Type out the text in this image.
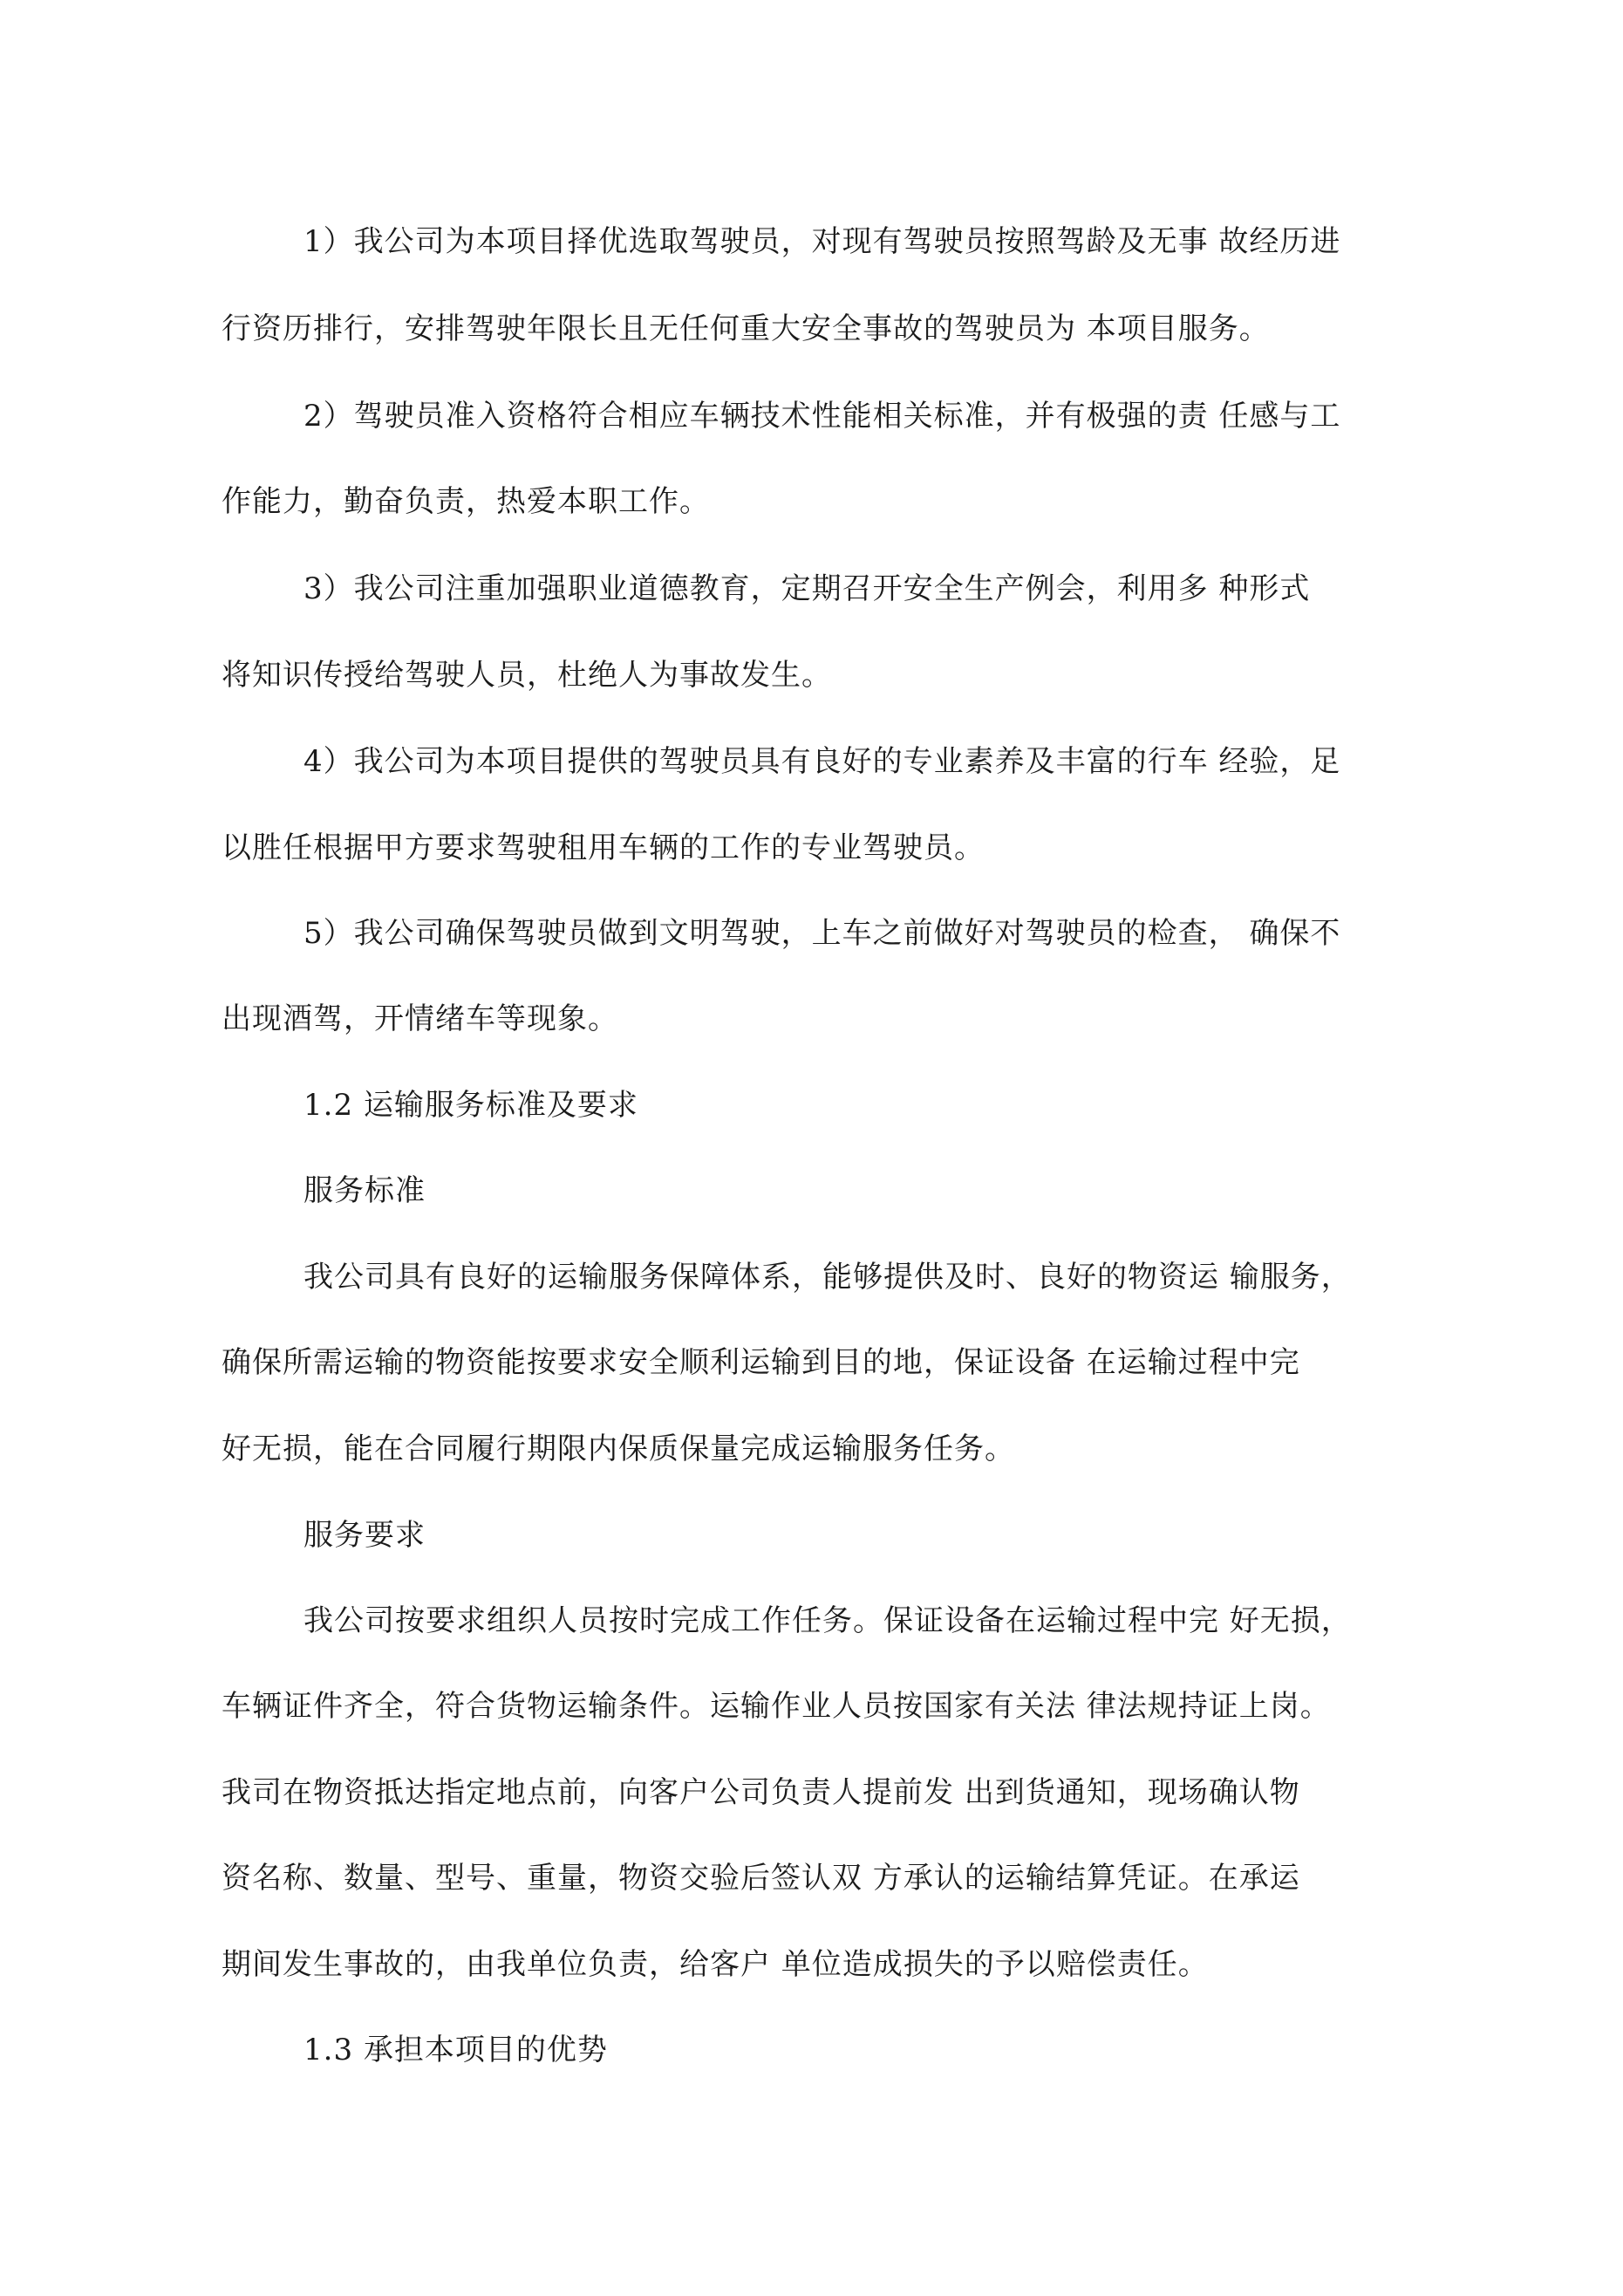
1）我公司为本项目择优选取驾驶员，对现有驾驶员按照驾龄及无事 故经历进

行资历排行，安排驾驶年限长且无任何重大安全事故的驾驶员为 本项目服务。

2）驾驶员准入资格符合相应车辆技术性能相关标准，并有极强的责 任感与工

作能力，勤奋负责，热爱本职工作。

3）我公司注重加强职业道德教育，定期召开安全生产例会，利用多 种形式

将知识传授给驾驶人员，杜绝人为事故发生。

4）我公司为本项目提供的驾驶员具有良好的专业素养及丰富的行车 经验，足

以胜任根据甲方要求驾驶租用车辆的工作的专业驾驶员。

5）我公司确保驾驶员做到文明驾驶，上车之前做好对驾驶员的检查， 确保不

出现酒驾，开情绪车等现象。

1.2 运输服务标准及要求

服务标准

我公司具有良好的运输服务保障体系，能够提供及时、良好的物资运 输服务，

确保所需运输的物资能按要求安全顺利运输到目的地，保证设备 在运输过程中完

好无损，能在合同履行期限内保质保量完成运输服务任务。

服务要求

我公司按要求组织人员按时完成工作任务。保证设备在运输过程中完 好无损，

车辆证件齐全，符合货物运输条件。运输作业人员按国家有关法 律法规持证上岗。

我司在物资抵达指定地点前，向客户公司负责人提前发 出到货通知，现场确认物

资名称、数量、型号、重量，物资交验后签认双 方承认的运输结算凭证。在承运

期间发生事故的，由我单位负责，给客户 单位造成损失的予以赔偿责任。

1.3 承担本项目的优势
